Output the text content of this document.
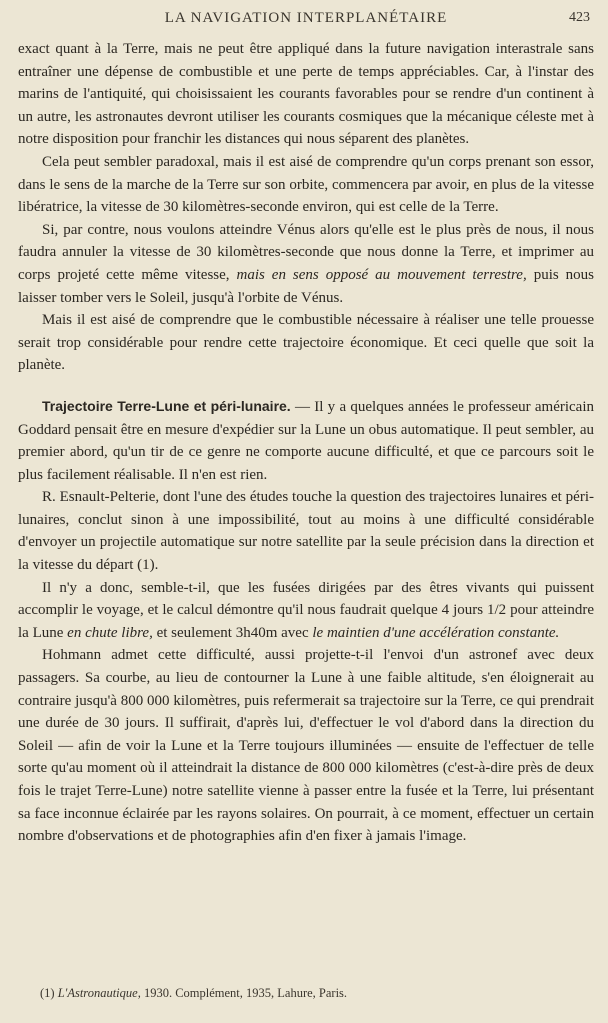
LA NAVIGATION INTERPLANÉTAIRE	423

exact quant à la Terre, mais ne peut être appliqué dans la future navigation interastrale sans entraîner une dépense de combustible et une perte de temps appréciables. Car, à l'instar des marins de l'antiquité, qui choisissaient les courants favorables pour se rendre d'un continent à un autre, les astronautes devront utiliser les courants cosmiques que la mécanique céleste met à notre disposition pour franchir les distances qui nous séparent des planètes.

Cela peut sembler paradoxal, mais il est aisé de comprendre qu'un corps prenant son essor, dans le sens de la marche de la Terre sur son orbite, commencera par avoir, en plus de la vitesse libératrice, la vitesse de 30 kilomètres-seconde environ, qui est celle de la Terre.

Si, par contre, nous voulons atteindre Vénus alors qu'elle est le plus près de nous, il nous faudra annuler la vitesse de 30 kilomètres-seconde que nous donne la Terre, et imprimer au corps projeté cette même vitesse, mais en sens opposé au mouvement terrestre, puis nous laisser tomber vers le Soleil, jusqu'à l'orbite de Vénus.

Mais il est aisé de comprendre que le combustible nécessaire à réaliser une telle prouesse serait trop considérable pour rendre cette trajectoire économique. Et ceci quelle que soit la planète.

Trajectoire Terre-Lune et péri-lunaire. — Il y a quelques années le professeur américain Goddard pensait être en mesure d'expédier sur la Lune un obus automatique. Il peut sembler, au premier abord, qu'un tir de ce genre ne comporte aucune difficulté, et que ce parcours soit le plus facilement réalisable. Il n'en est rien.

R. Esnault-Pelterie, dont l'une des études touche la question des trajectoires lunaires et péri-lunaires, conclut sinon à une impossibilité, tout au moins à une difficulté considérable d'envoyer un projectile automatique sur notre satellite par la seule précision dans la direction et la vitesse du départ (1).

Il n'y a donc, semble-t-il, que les fusées dirigées par des êtres vivants qui puissent accomplir le voyage, et le calcul démontre qu'il nous faudrait quelque 4 jours 1/2 pour atteindre la Lune en chute libre, et seulement 3h40m avec le maintien d'une accélération constante.

Hohmann admet cette difficulté, aussi projette-t-il l'envoi d'un astronef avec deux passagers. Sa courbe, au lieu de contourner la Lune à une faible altitude, s'en éloignerait au contraire jusqu'à 800 000 kilomètres, puis refermerait sa trajectoire sur la Terre, ce qui prendrait une durée de 30 jours. Il suffirait, d'après lui, d'effectuer le vol d'abord dans la direction du Soleil — afin de voir la Lune et la Terre toujours illuminées — ensuite de l'effectuer de telle sorte qu'au moment où il atteindrait la distance de 800 000 kilomètres (c'est-à-dire près de deux fois le trajet Terre-Lune) notre satellite vienne à passer entre la fusée et la Terre, lui présentant sa face inconnue éclairée par les rayons solaires. On pourrait, à ce moment, effectuer un certain nombre d'observations et de photographies afin d'en fixer à jamais l'image.

(1) L'Astronautique, 1930. Complément, 1935, Lahure, Paris.
